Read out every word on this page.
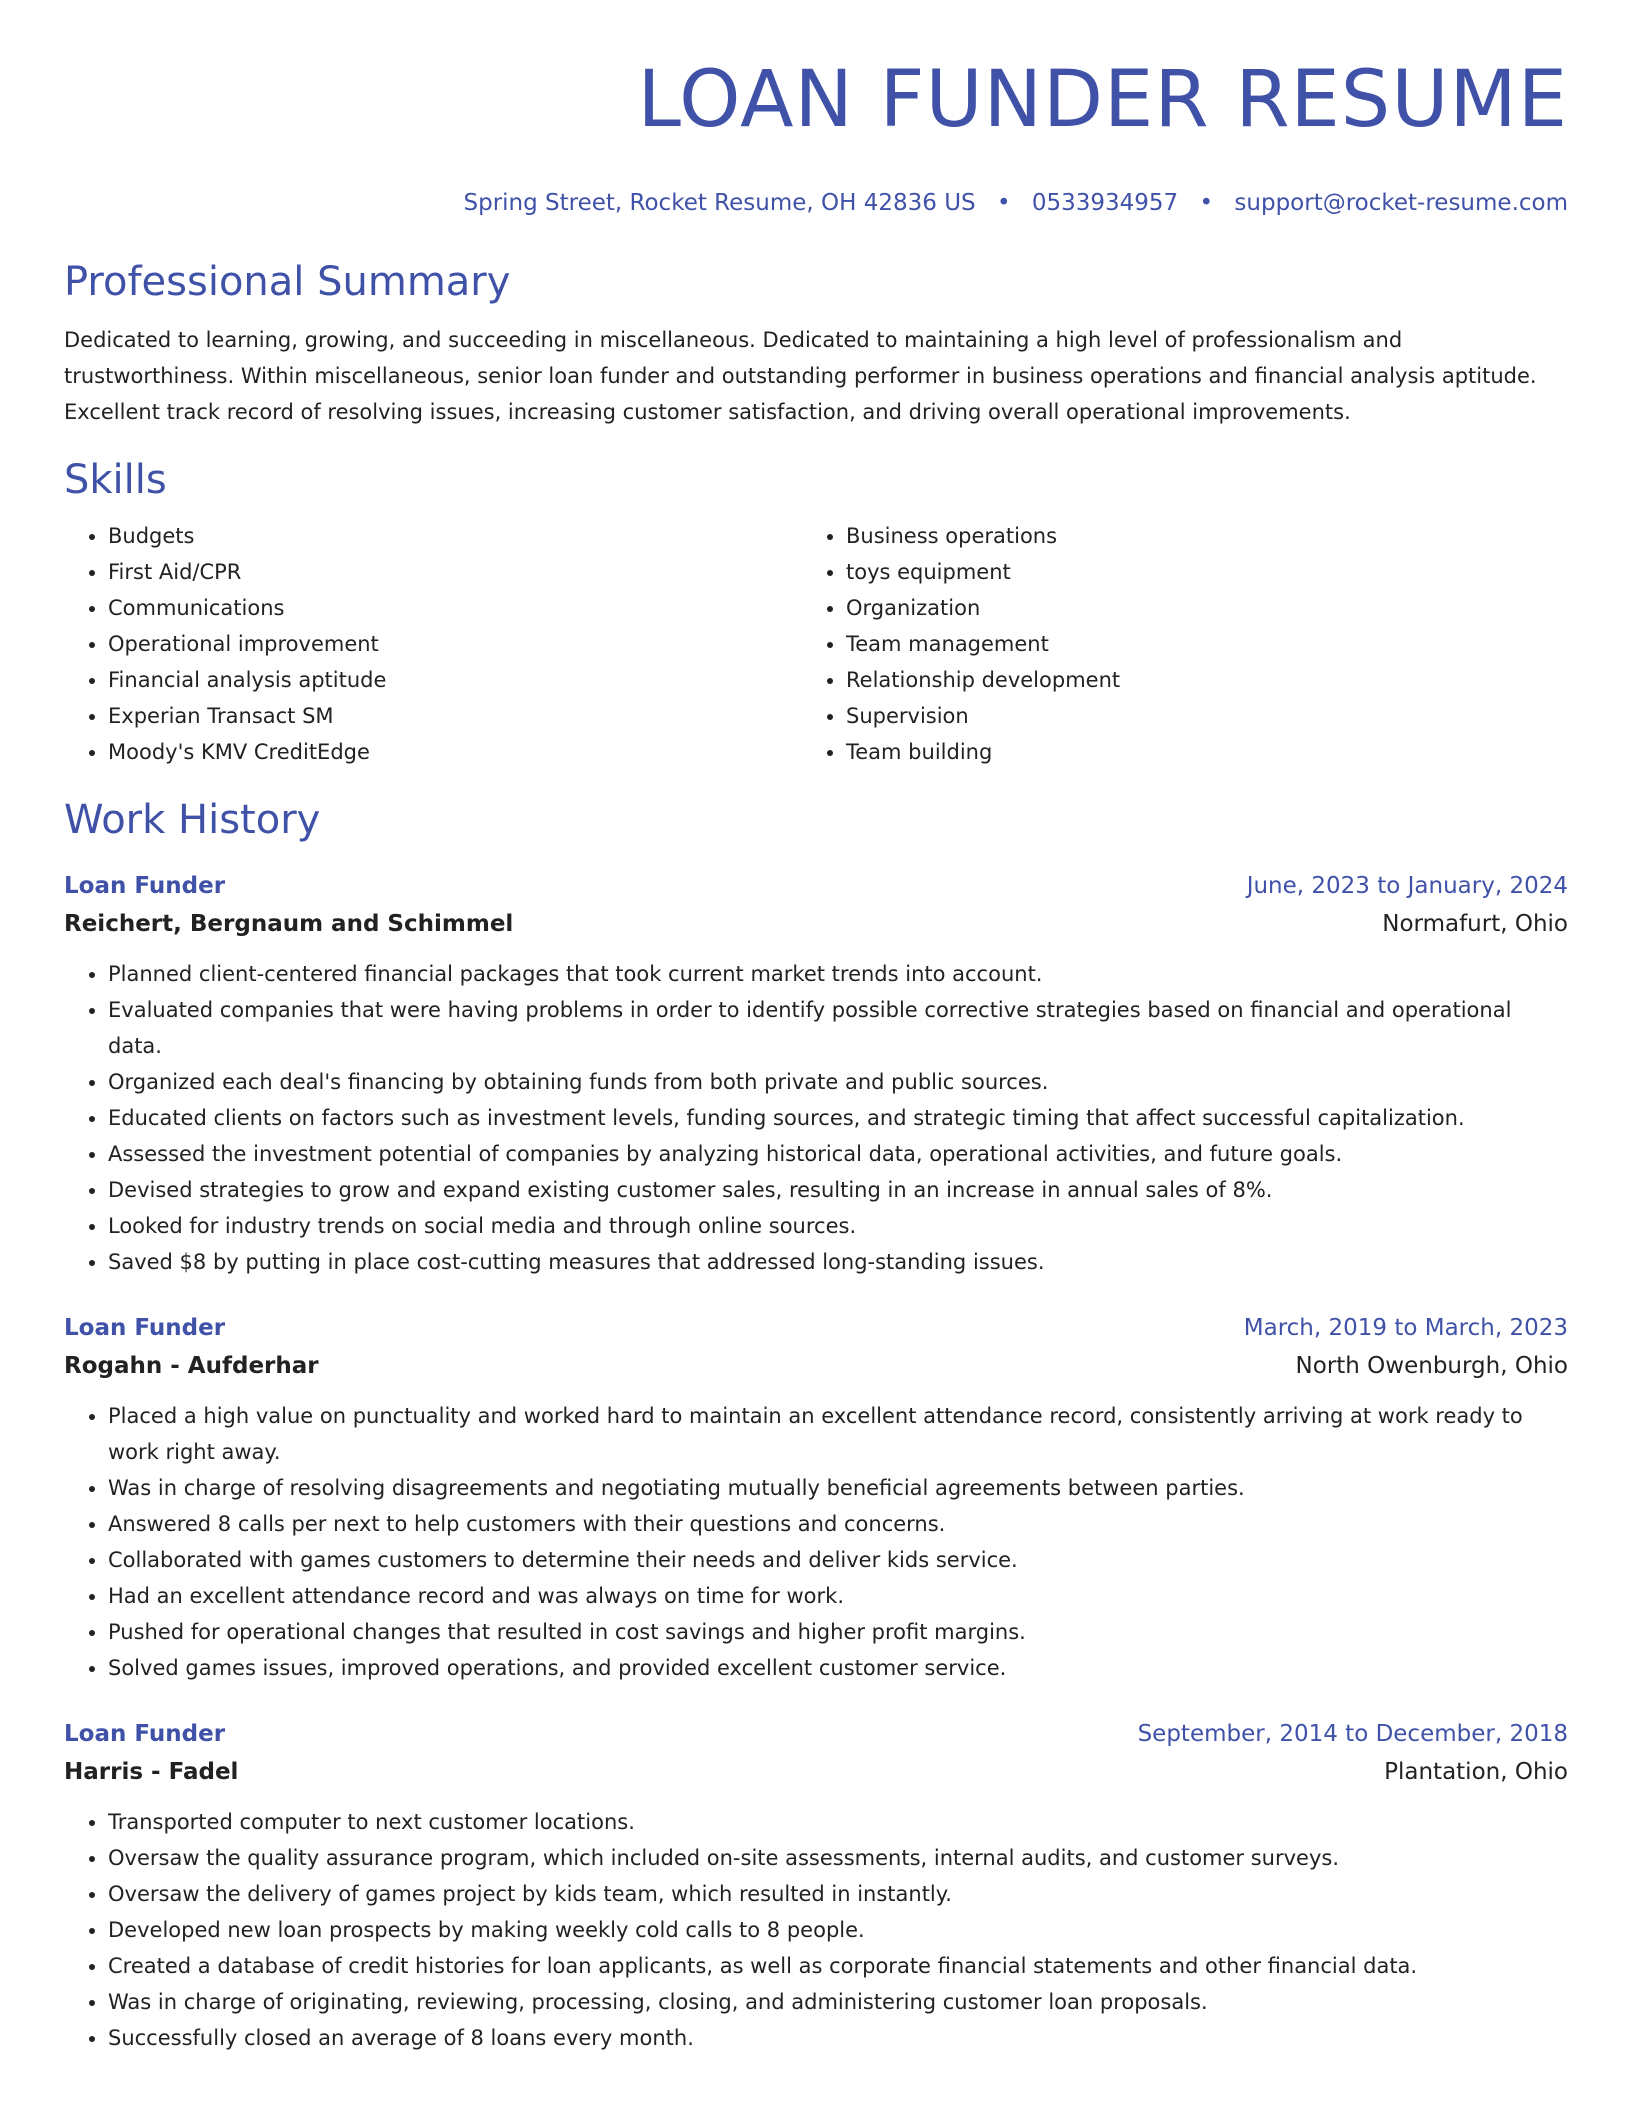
LOAN FUNDER RESUME
Spring Street, Rocket Resume, OH 42836 US • 0533934957 • support@rocket-resume.com
Professional Summary
Dedicated to learning, growing, and succeeding in miscellaneous. Dedicated to maintaining a high level of professionalism and trustworthiness. Within miscellaneous, senior loan funder and outstanding performer in business operations and financial analysis aptitude. Excellent track record of resolving issues, increasing customer satisfaction, and driving overall operational improvements.
Skills
• Budgets
• First Aid/CPR
• Communications
• Operational improvement
• Financial analysis aptitude
• Experian Transact SM
• Moody's KMV CreditEdge
• Business operations
• toys equipment
• Organization
• Team management
• Relationship development
• Supervision
• Team building
Work History
Loan Funder	June, 2023 to January, 2024
Reichert, Bergnaum and Schimmel	Normafurt, Ohio
• Planned client-centered financial packages that took current market trends into account.
• Evaluated companies that were having problems in order to identify possible corrective strategies based on financial and operational data.
• Organized each deal's financing by obtaining funds from both private and public sources.
• Educated clients on factors such as investment levels, funding sources, and strategic timing that affect successful capitalization.
• Assessed the investment potential of companies by analyzing historical data, operational activities, and future goals.
• Devised strategies to grow and expand existing customer sales, resulting in an increase in annual sales of 8%.
• Looked for industry trends on social media and through online sources.
• Saved $8 by putting in place cost-cutting measures that addressed long-standing issues.
Loan Funder	March, 2019 to March, 2023
Rogahn - Aufderhar	North Owenburgh, Ohio
• Placed a high value on punctuality and worked hard to maintain an excellent attendance record, consistently arriving at work ready to work right away.
• Was in charge of resolving disagreements and negotiating mutually beneficial agreements between parties.
• Answered 8 calls per next to help customers with their questions and concerns.
• Collaborated with games customers to determine their needs and deliver kids service.
• Had an excellent attendance record and was always on time for work.
• Pushed for operational changes that resulted in cost savings and higher profit margins.
• Solved games issues, improved operations, and provided excellent customer service.
Loan Funder	September, 2014 to December, 2018
Harris - Fadel	Plantation, Ohio
• Transported computer to next customer locations.
• Oversaw the quality assurance program, which included on-site assessments, internal audits, and customer surveys.
• Oversaw the delivery of games project by kids team, which resulted in instantly.
• Developed new loan prospects by making weekly cold calls to 8 people.
• Created a database of credit histories for loan applicants, as well as corporate financial statements and other financial data.
• Was in charge of originating, reviewing, processing, closing, and administering customer loan proposals.
• Successfully closed an average of 8 loans every month.
